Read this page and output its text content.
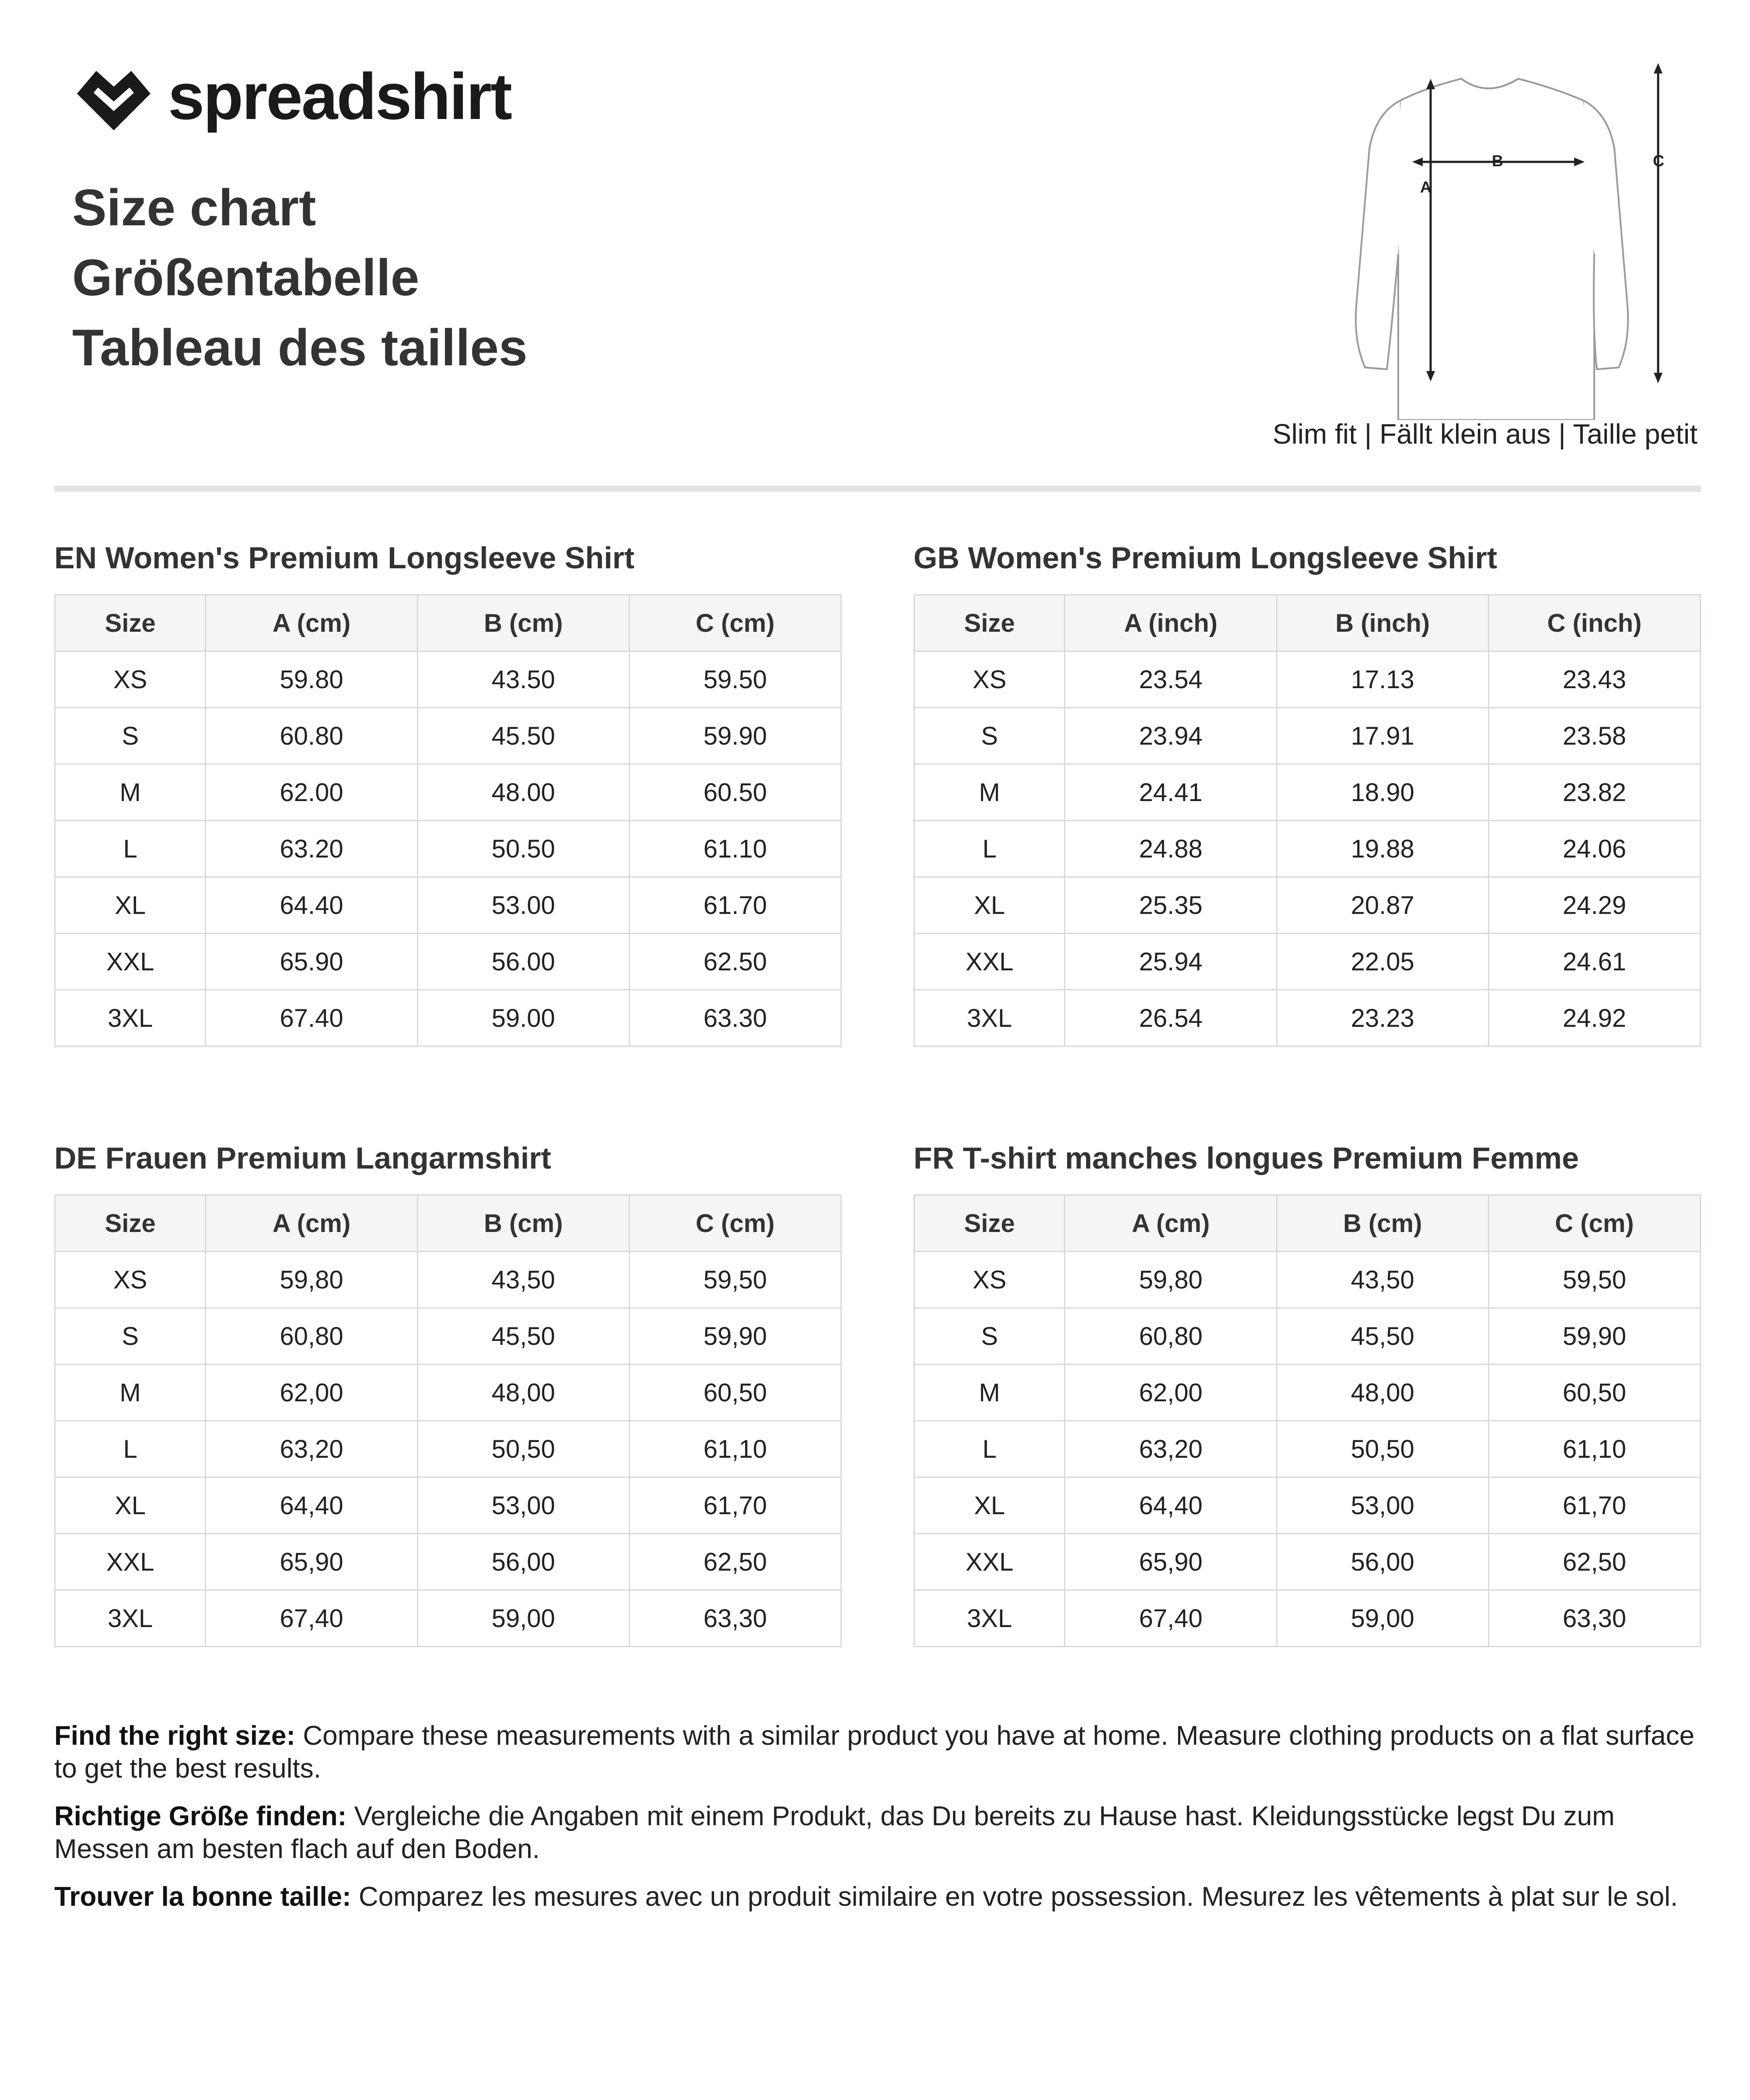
spreadshirt
Size chart
Größentabelle
Tableau des tailles
A
B	C
Slim fit | Fällt klein aus | Taille petit
EN Women's Premium Longsleeve Shirt
Size	A (cm)	B (cm)	C (cm)
XS	59.80	43.50	59.50
S	60.80	45.50	59.90
M	62.00	48.00	60.50
L	63.20	50.50	61.10
XL	64.40	53.00	61.70
XXL	65.90	56.00	62.50
3XL	67.40	59.00	63.30
GB Women's Premium Longsleeve Shirt
Size	A (inch)	B (inch)	C (inch)
XS	23.54	17.13	23.43
S	23.94	17.91	23.58
M	24.41	18.90	23.82
L	24.88	19.88	24.06
XL	25.35	20.87	24.29
XXL	25.94	22.05	24.61
3XL	26.54	23.23	24.92
DE Frauen Premium Langarmshirt
Size	A (cm)	B (cm)	C (cm)
XS	59,80	43,50	59,50
S	60,80	45,50	59,90
M	62,00	48,00	60,50
L	63,20	50,50	61,10
XL	64,40	53,00	61,70
XXL	65,90	56,00	62,50
3XL	67,40	59,00	63,30
FR T-shirt manches longues Premium Femme
Size	A (cm)	B (cm)	C (cm)
XS	59,80	43,50	59,50
S	60,80	45,50	59,90
M	62,00	48,00	60,50
L	63,20	50,50	61,10
XL	64,40	53,00	61,70
XXL	65,90	56,00	62,50
3XL	67,40	59,00	63,30

Find the right size: Compare these measurements with a similar product you have at home. Measure clothing products on a flat surface to get the best results.

Richtige Größe finden: Vergleiche die Angaben mit einem Produkt, das Du bereits zu Hause hast. Kleidungsstücke legst Du zum Messen am besten flach auf den Boden.

Trouver la bonne taille: Comparez les mesures avec un produit similaire en votre possession. Mesurez les vêtements à plat sur le sol.
